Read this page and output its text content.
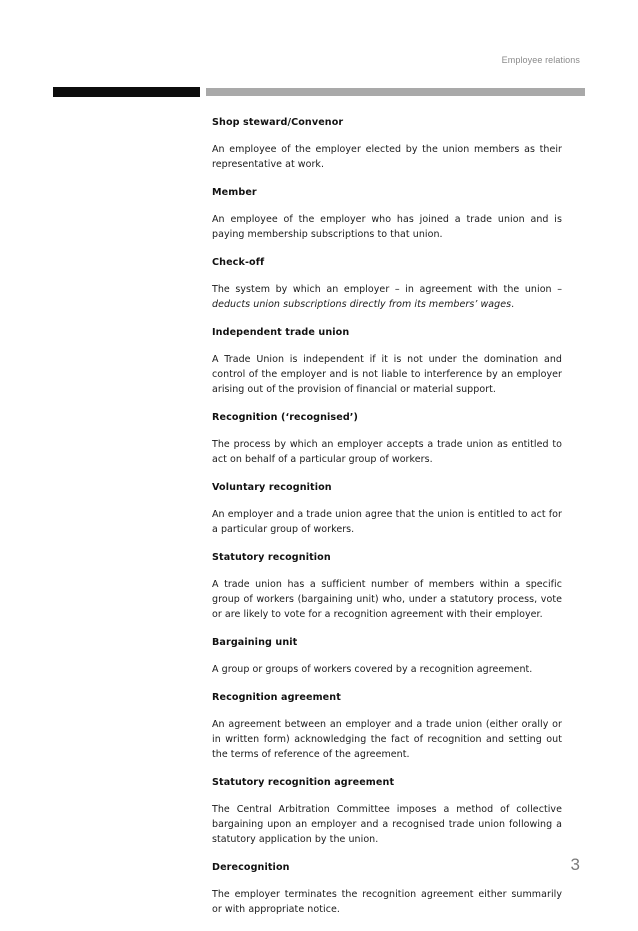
Employee relations

Shop steward/Convenor

An employee of the employer elected by the union members as their representative at work.

Member

An employee of the employer who has joined a trade union and is paying membership subscriptions to that union.

Check-off

The system by which an employer – in agreement with the union – deducts union subscriptions directly from its members’ wages.

Independent trade union

A Trade Union is independent if it is not under the domination and control of the employer and is not liable to interference by an employer arising out of the provision of financial or material support.

Recognition (‘recognised’)

The process by which an employer accepts a trade union as entitled to act on behalf of a particular group of workers.

Voluntary recognition

An employer and a trade union agree that the union is entitled to act for a particular group of workers.

Statutory recognition

A trade union has a sufficient number of members within a specific group of workers (bargaining unit) who, under a statutory process, vote or are likely to vote for a recognition agreement with their employer.

Bargaining unit

A group or groups of workers covered by a recognition agreement.

Recognition agreement

An agreement between an employer and a trade union (either orally or in written form) acknowledging the fact of recognition and setting out the terms of reference of the agreement.

Statutory recognition agreement

The Central Arbitration Committee imposes a method of collective bargaining upon an employer and a recognised trade union following a statutory application by the union.

Derecognition

The employer terminates the recognition agreement either summarily or with appropriate notice.

3
